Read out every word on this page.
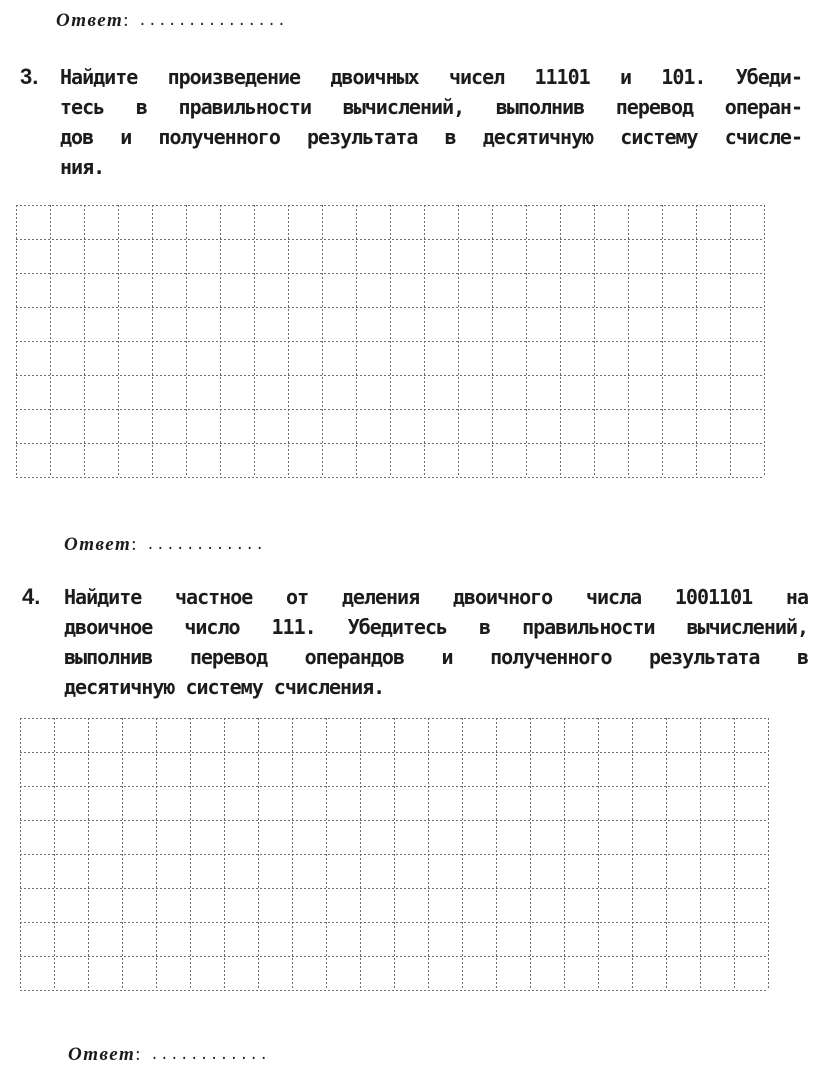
Ответ: ...............
3. Найдите произведение двоичных чисел 11101 и 101. Убеди-
тесь в правильности вычислений, выполнив перевод операн-
дов и полученного результата в десятичную систему счисле-
ния.
Ответ: ............
4. Найдите частное от деления двоичного числа 1001101 на
двоичное число 111. Убедитесь в правильности вычислений,
выполнив перевод операндов и полученного результата в
десятичную систему счисления.
Ответ: ............
